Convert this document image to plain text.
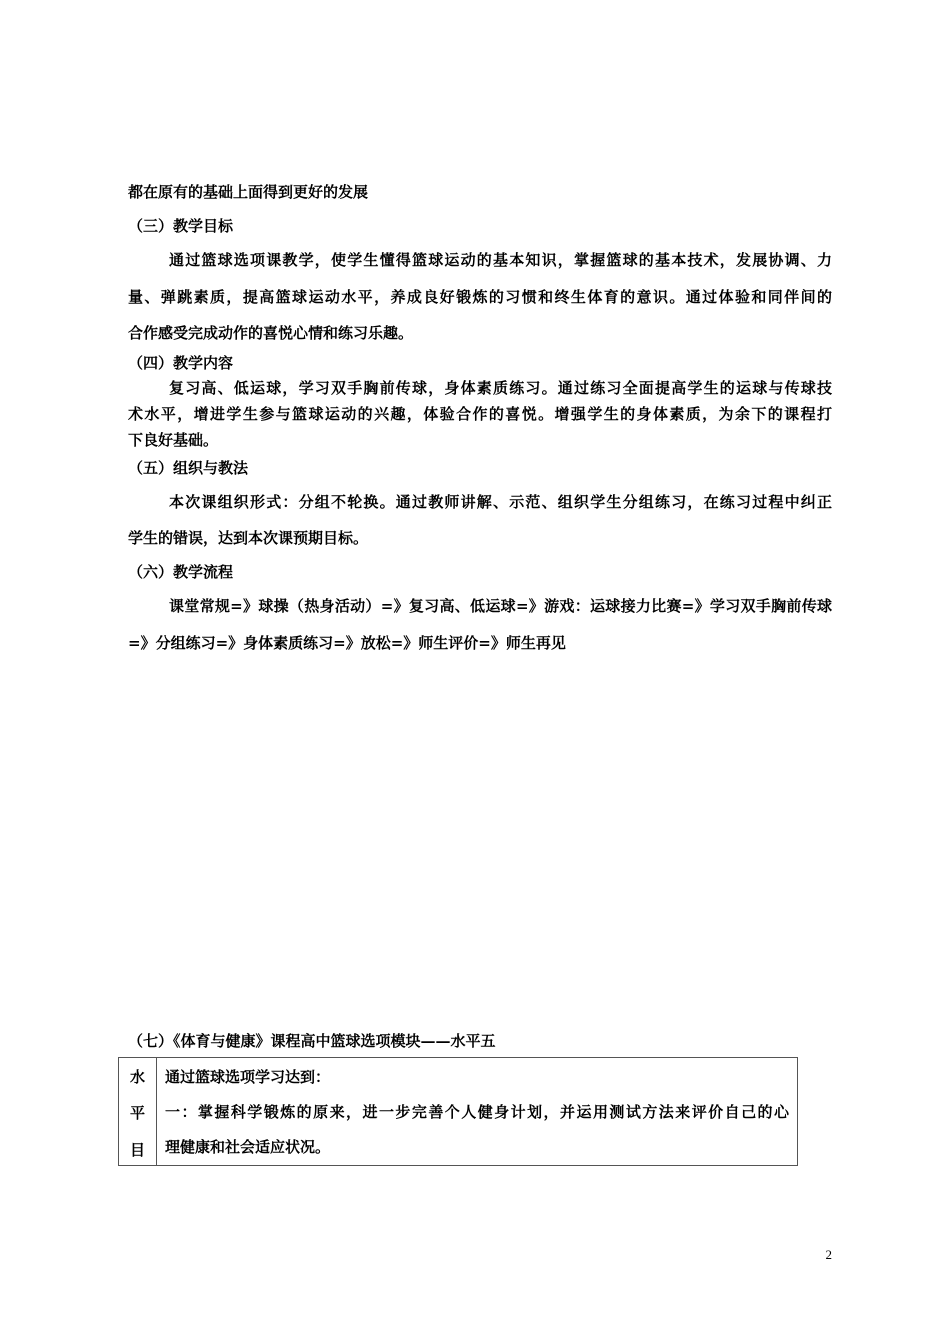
都在原有的基础上面得到更好的发展
（三）教学目标
通过篮球选项课教学，使学生懂得篮球运动的基本知识，掌握篮球的基本技术，发展协调、力
量、弹跳素质，提高篮球运动水平，养成良好锻炼的习惯和终生体育的意识。通过体验和同伴间的
合作感受完成动作的喜悦心情和练习乐趣。
（四）教学内容
复习高、低运球，学习双手胸前传球，身体素质练习。通过练习全面提高学生的运球与传球技
术水平，增进学生参与篮球运动的兴趣，体验合作的喜悦。增强学生的身体素质，为余下的课程打
下良好基础。
（五）组织与教法
本次课组织形式：分组不轮换。通过教师讲解、示范、组织学生分组练习，在练习过程中纠正
学生的错误，达到本次课预期目标。
（六）教学流程
课堂常规=》球操（热身活动）=》复习高、低运球=》游戏：运球接力比赛=》学习双手胸前传球
=》分组练习=》身体素质练习=》放松=》师生评价=》师生再见
（七）《体育与健康》课程高中篮球选项模块——水平五
水
平
目
通过篮球选项学习达到：
一：掌握科学锻炼的原来，进一步完善个人健身计划，并运用测试方法来评价自己的心
理健康和社会适应状况。
2
